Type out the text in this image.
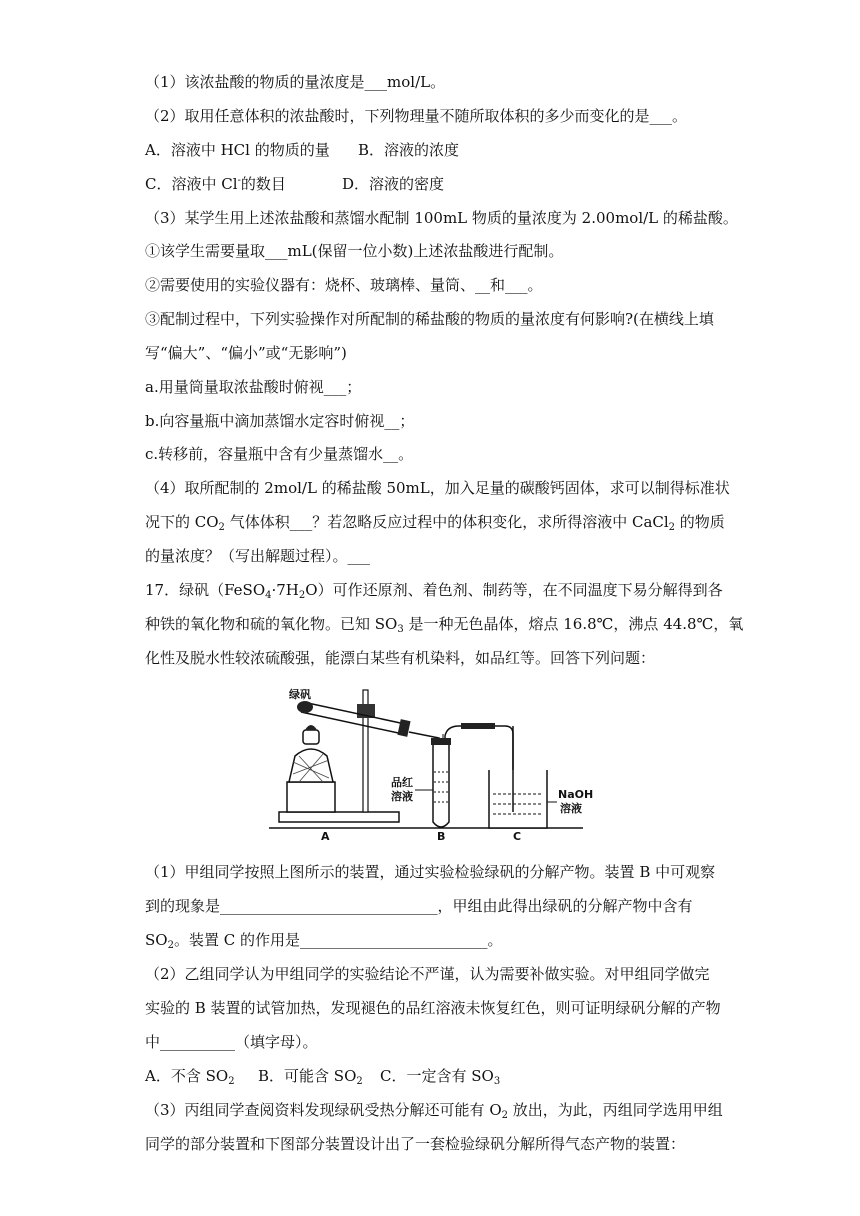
（1）该浓盐酸的物质的量浓度是___mol/L。
（2）取用任意体积的浓盐酸时，下列物理量不随所取体积的多少而变化的是___。
A．溶液中 HCl 的物质的量 B．溶液的浓度
C．溶液中 Cl-的数目	D．溶液的密度
（3）某学生用上述浓盐酸和蒸馏水配制 100mL 物质的量浓度为 2.00mol/L 的稀盐酸。
①该学生需要量取___mL(保留一位小数)上述浓盐酸进行配制。
②需要使用的实验仪器有：烧杯、玻璃棒、量筒、__和___。
③配制过程中，下列实验操作对所配制的稀盐酸的物质的量浓度有何影响?(在横线上填
写“偏大”、“偏小”或“无影响”)
a.用量筒量取浓盐酸时俯视___；
b.向容量瓶中滴加蒸馏水定容时俯视__；
c.转移前，容量瓶中含有少量蒸馏水__。
（4）取所配制的 2mol/L 的稀盐酸 50mL，加入足量的碳酸钙固体，求可以制得标准状
况下的 $CO_2$ 气体体积___？若忽略反应过程中的体积变化，求所得溶液中 CaCl$_2$ 的物质
的量浓度？（写出解题过程）。___
17．绿矾$(FeSO_4\cdot 7H_2O)$可作还原剂、着色剂、制药等，在不同温度下易分解得到各
种铁的氧化物和硫的氧化物。已知 $SO_3$ 是一种无色晶体，熔点 16.8℃，沸点 44.8℃，氧
化性及脱水性较浓硫酸强，能漂白某些有机染料，如品红等。回答下列问题：
绿矾
品红
溶液	NaOH
溶液
A	B	C
（1）甲组同学按照上图所示的装置，通过实验检验绿矾的分解产物。装置 B 中可观察
到的现象是_____________________________，甲组由此得出绿矾的分解产物中含有
$SO_2$。装置 C 的作用是_________________________。
（2）乙组同学认为甲组同学的实验结论不严谨，认为需要补做实验。对甲组同学做完
实验的 B 装置的试管加热，发现褪色的品红溶液未恢复红色，则可证明绿矾分解的产物
中__________（填字母）。
A．不含 $SO_2$ B．可能含 $SO_2$ C．一定含有 $SO_3$
（3）丙组同学查阅资料发现绿矾受热分解还可能有 $O_2$ 放出，为此，丙组同学选用甲组
同学的部分装置和下图部分装置设计出了一套检验绿矾分解所得气态产物的装置：
